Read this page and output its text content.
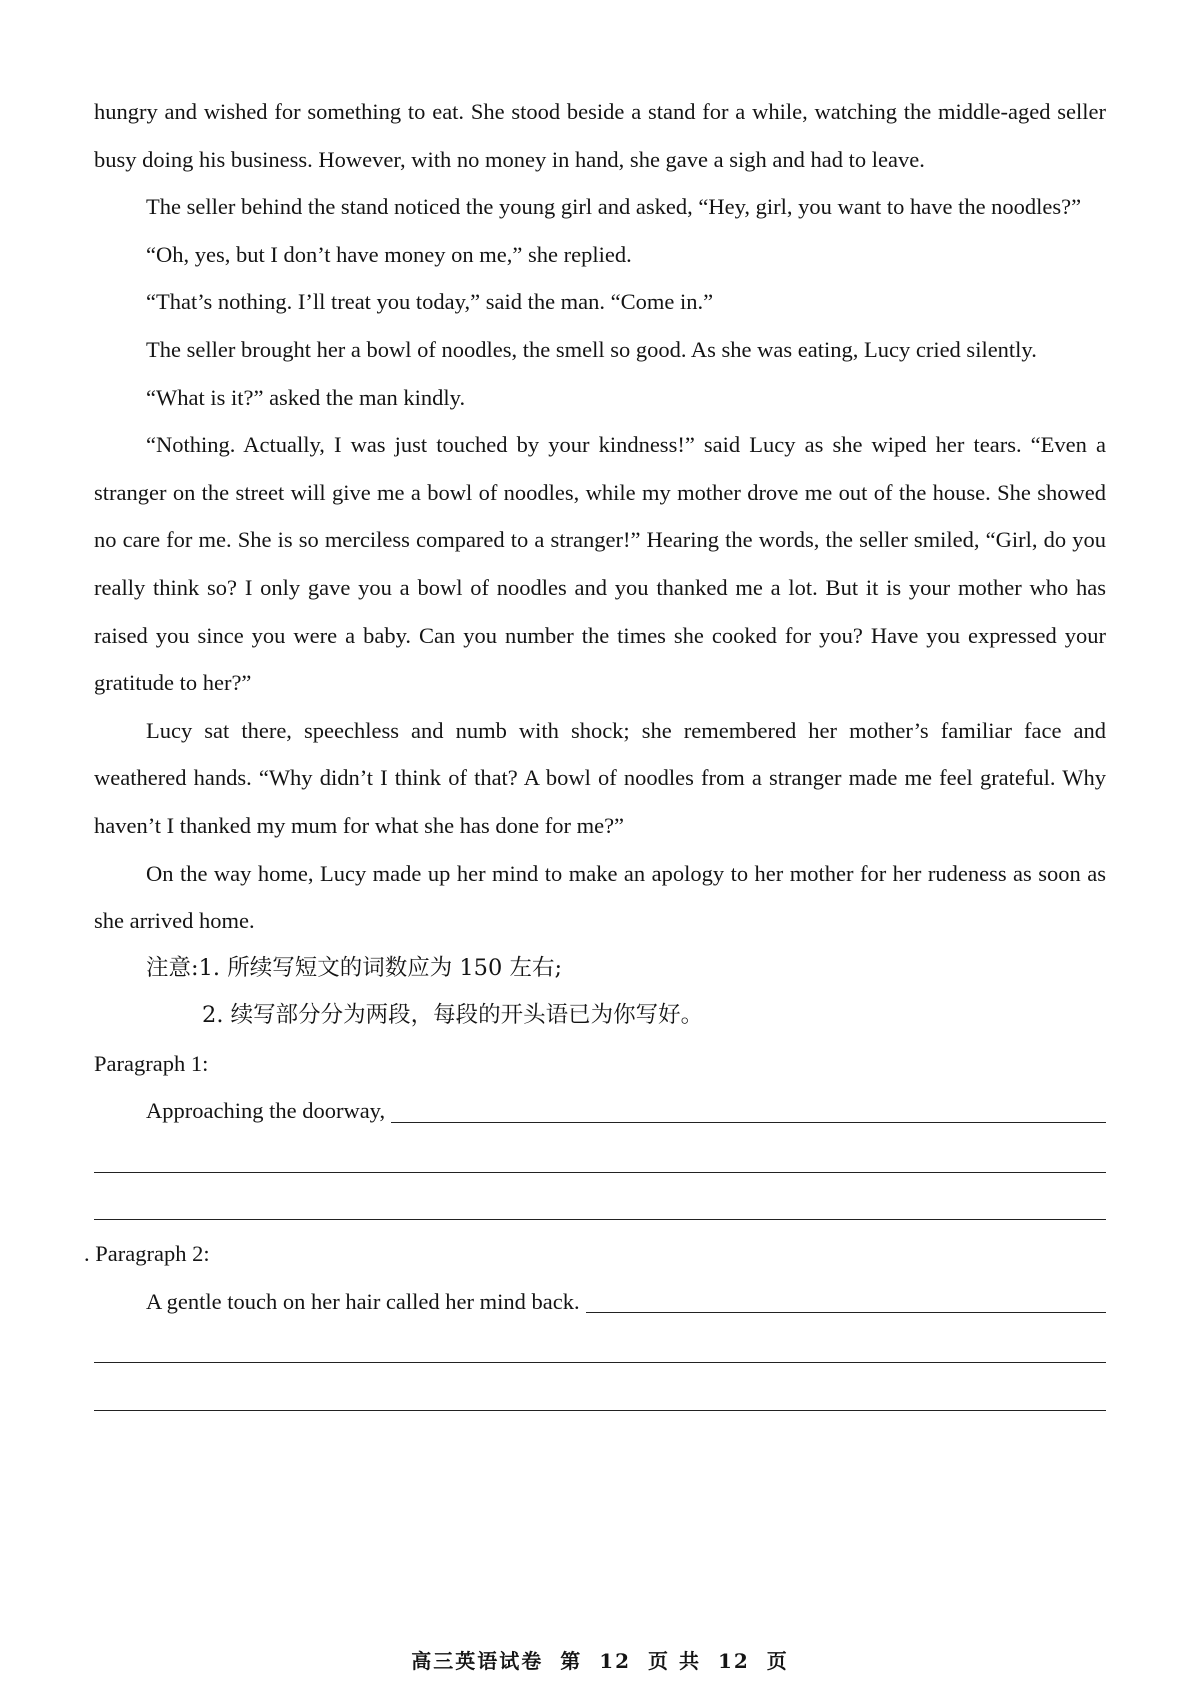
hungry and wished for something to eat. She stood beside a stand for a while, watching the middle-aged seller busy doing his business. However, with no money in hand, she gave a sigh and had to leave.

The seller behind the stand noticed the young girl and asked, “Hey, girl, you want to have the noodles?”

“Oh, yes, but I don’t have money on me,” she replied.

“That’s nothing. I’ll treat you today,” said the man. “Come in.”

The seller brought her a bowl of noodles, the smell so good. As she was eating, Lucy cried silently.

“What is it?” asked the man kindly.

“Nothing. Actually, I was just touched by your kindness!” said Lucy as she wiped her tears. “Even a stranger on the street will give me a bowl of noodles, while my mother drove me out of the house. She showed no care for me. She is so merciless compared to a stranger!” Hearing the words, the seller smiled, “Girl, do you really think so? I only gave you a bowl of noodles and you thanked me a lot. But it is your mother who has raised you since you were a baby. Can you number the times she cooked for you? Have you expressed your gratitude to her?”

Lucy sat there, speechless and numb with shock; she remembered her mother’s familiar face and weathered hands. “Why didn’t I think of that? A bowl of noodles from a stranger made me feel grateful. Why haven’t I thanked my mum for what she has done for me?”

On the way home, Lucy made up her mind to make an apology to her mother for her rudeness as soon as she arrived home.

注意:1. 所续写短文的词数应为 150 左右;

2. 续写部分分为两段，每段的开头语已为你写好。

Paragraph 1:

Approaching the doorway,

. Paragraph 2:

A gentle touch on her hair called her mind back.
高三英语试卷 第 12 页 共 12 页
